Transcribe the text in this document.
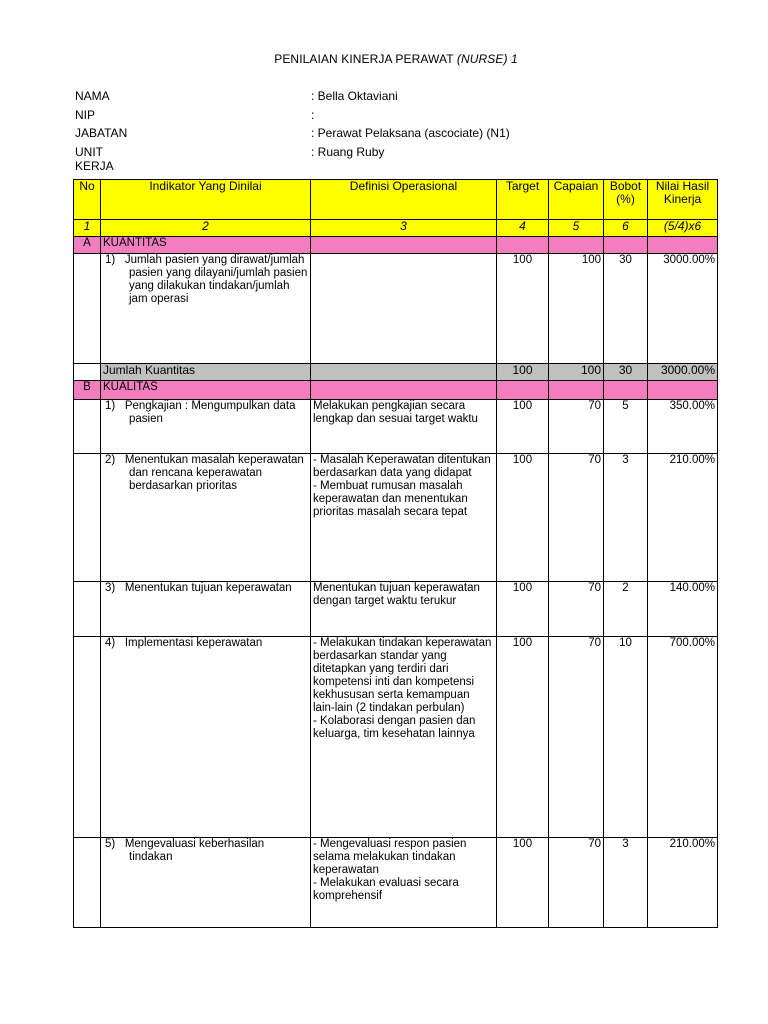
PENILAIAN KINERJA PERAWAT (NURSE) 1
NAMA	: Bella Oktaviani
NIP	:
JABATAN	: Perawat Pelaksana (ascociate) (N1)
UNIT KERJA
: Ruang Ruby
No	Indikator Yang Dinilai	Definisi Operasional	Target	Capaian	Bobot (%)	Nilai Hasil Kinerja
1	2	3	4	5	6	(5/4)x6
A	KUANTITAS					

	1) Jumlah pasien yang dirawat/jumlah pasien yang dilayani/jumlah pasien yang dilakukan tindakan/jumlah jam operasi		100	100	30	3000.00%
	Jumlah Kuantitas		100	100	30	3000.00%
B	KUALITAS					

	1) Pengkajian : Mengumpulkan data pasien	Melakukan pengkajian secara lengkap dan sesuai target waktu	100	70	5	350.00%

	2) Menentukan masalah keperawatan dan rencana keperawatan berdasarkan prioritas	- Masalah Keperawatan ditentukan berdasarkan data yang didapat
- Membuat rumusan masalah keperawatan dan menentukan prioritas masalah secara tepat	100	70	3	210.00%

	3) Menentukan tujuan keperawatan	Menentukan tujuan keperawatan dengan target waktu terukur	100	70	2	140.00%

	4) Implementasi keperawatan	- Melakukan tindakan keperawatan berdasarkan standar yang ditetapkan yang terdiri dari kompetensi inti dan kompetensi kekhususan serta kemampuan lain-lain (2 tindakan perbulan)
- Kolaborasi dengan pasien dan keluarga, tim kesehatan lainnya	100	70	10	700.00%

	5) Mengevaluasi keberhasilan tindakan	- Mengevaluasi respon pasien selama melakukan tindakan keperawatan
- Melakukan evaluasi secara komprehensif	100	70	3	210.00%
